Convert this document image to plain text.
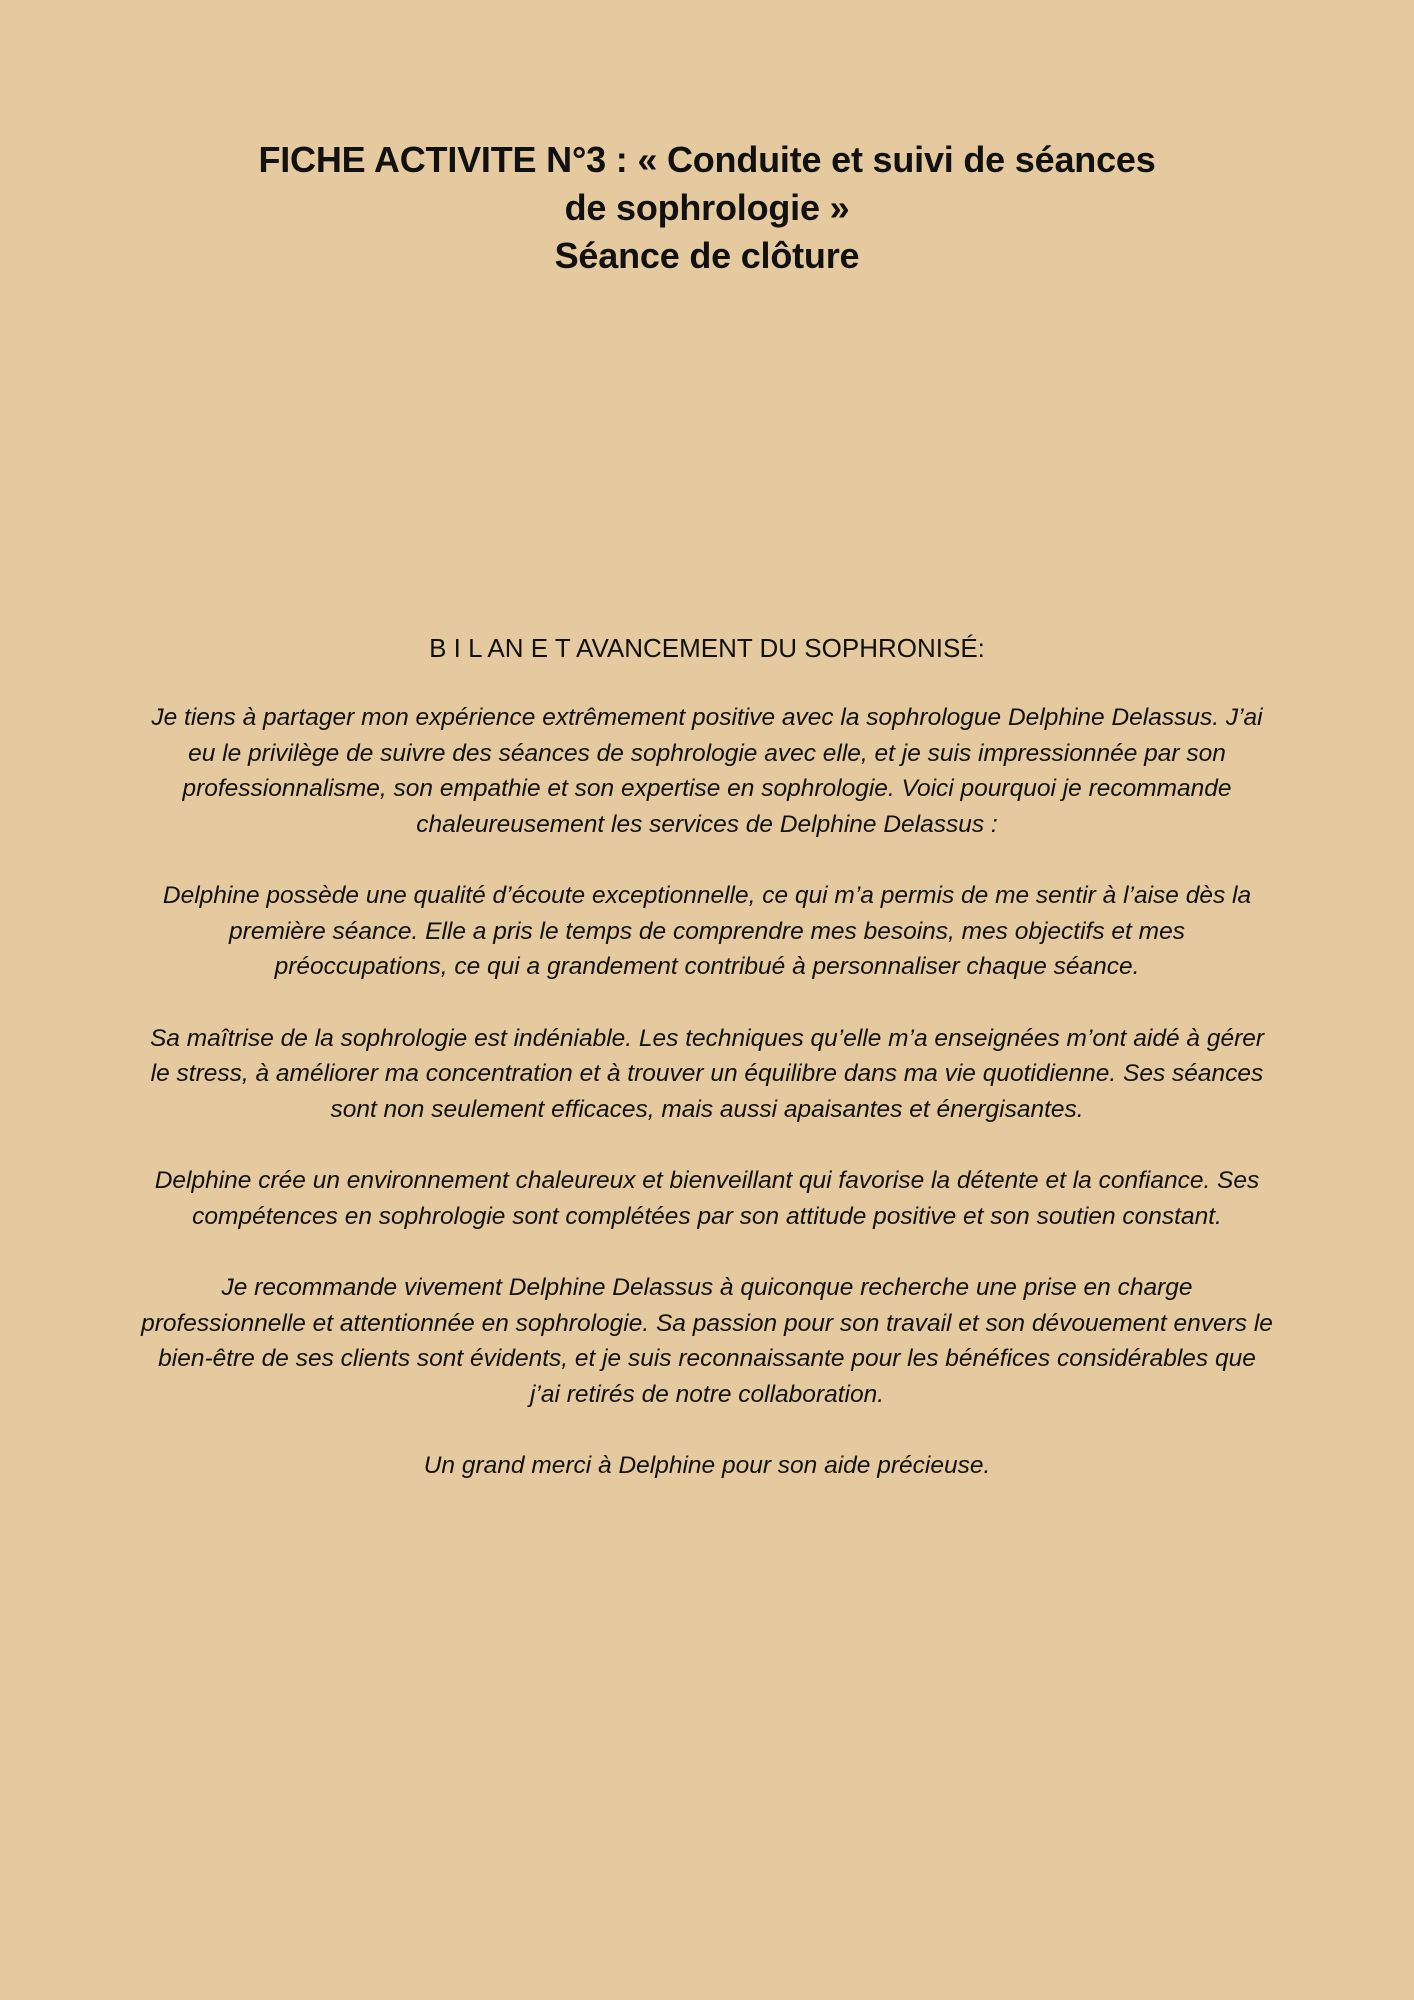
FICHE ACTIVITE N°3 : « Conduite et suivi de séances
de sophrologie »
Séance de clôture
B I L AN E T AVANCEMENT DU SOPHRONISÉ:

Je tiens à partager mon expérience extrêmement positive avec la sophrologue Delphine Delassus. J’ai eu le privilège de suivre des séances de sophrologie avec elle, et je suis impressionnée par son professionnalisme, son empathie et son expertise en sophrologie. Voici pourquoi je recommande chaleureusement les services de Delphine Delassus :

Delphine possède une qualité d’écoute exceptionnelle, ce qui m’a permis de me sentir à l’aise dès la première séance. Elle a pris le temps de comprendre mes besoins, mes objectifs et mes préoccupations, ce qui a grandement contribué à personnaliser chaque séance.

Sa maîtrise de la sophrologie est indéniable. Les techniques qu’elle m’a enseignées m’ont aidé à gérer le stress, à améliorer ma concentration et à trouver un équilibre dans ma vie quotidienne. Ses séances sont non seulement efficaces, mais aussi apaisantes et énergisantes.

Delphine crée un environnement chaleureux et bienveillant qui favorise la détente et la confiance. Ses compétences en sophrologie sont complétées par son attitude positive et son soutien constant.

Je recommande vivement Delphine Delassus à quiconque recherche une prise en charge professionnelle et attentionnée en sophrologie. Sa passion pour son travail et son dévouement envers le bien-être de ses clients sont évidents, et je suis reconnaissante pour les bénéfices considérables que j’ai retirés de notre collaboration.

Un grand merci à Delphine pour son aide précieuse.
